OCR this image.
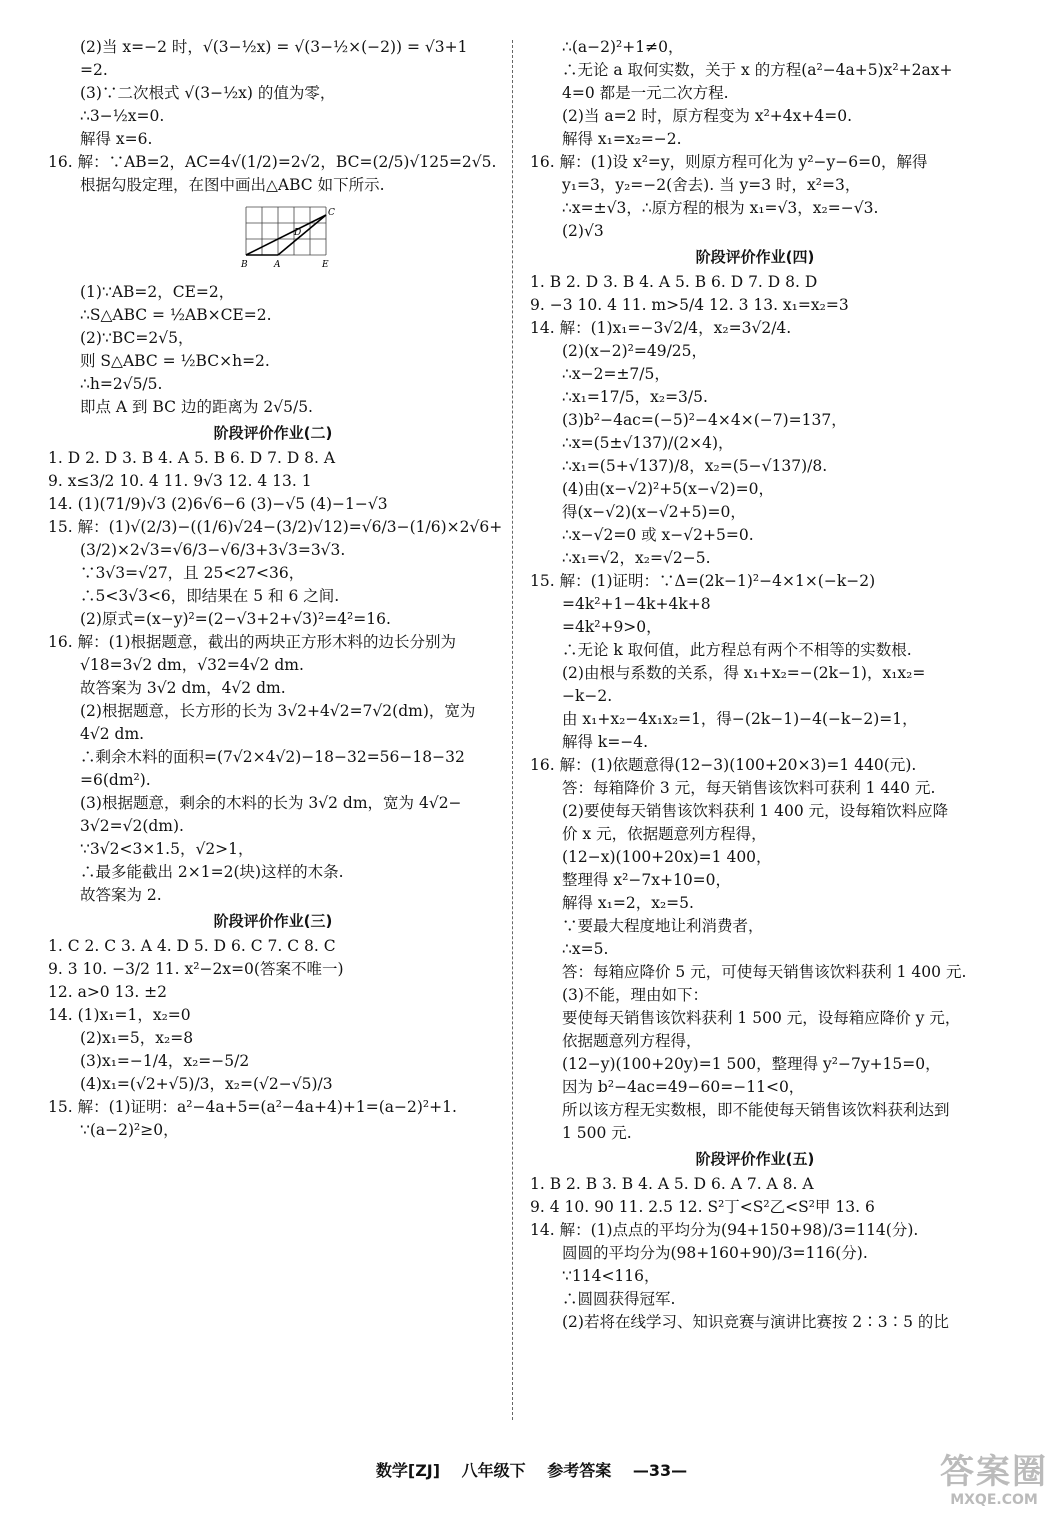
(2)当 x=−2 时，√(3−½x) = √(3−½×(−2)) = √3+1
=2.
(3)∵二次根式 √(3−½x) 的值为零，
∴3−½x=0.
解得 x=6.
16. 解：∵AB=2，AC=4√(1/2)=2√2，BC=(2/5)√125=2√5.
根据勾股定理，在图中画出△ABC 如下所示.
B	A	E
C
D
(1)∵AB=2，CE=2，
∴S△ABC = ½AB×CE=2.
(2)∵BC=2√5，
则 S△ABC = ½BC×h=2.
∴h=2√5/5.
即点 A 到 BC 边的距离为 2√5/5.
阶段评价作业(二)
1. D 2. D 3. B 4. A 5. B 6. D 7. D 8. A
9. x≤3/2 10. 4 11. 9√3 12. 4 13. 1
14. (1)(71/9)√3 (2)6√6−6 (3)−√5 (4)−1−√3
15. 解：(1)√(2/3)−((1/6)√24−(3/2)√12)=√6/3−(1/6)×2√6+
(3/2)×2√3=√6/3−√6/3+3√3=3√3.
∵3√3=√27，且 25<27<36，
∴5<3√3<6，即结果在 5 和 6 之间.
(2)原式=(x−y)²=(2−√3+2+√3)²=4²=16.
16. 解：(1)根据题意，截出的两块正方形木料的边长分别为
√18=3√2 dm，√32=4√2 dm.
故答案为 3√2 dm，4√2 dm.
(2)根据题意，长方形的长为 3√2+4√2=7√2(dm)，宽为
4√2 dm.
∴剩余木料的面积=(7√2×4√2)−18−32=56−18−32
=6(dm²).
(3)根据题意，剩余的木料的长为 3√2 dm，宽为 4√2−
3√2=√2(dm).
∵3√2<3×1.5，√2>1，
∴最多能截出 2×1=2(块)这样的木条.
故答案为 2.
阶段评价作业(三)
1. C 2. C 3. A 4. D 5. D 6. C 7. C 8. C
9. 3 10. −3/2 11. x²−2x=0(答案不唯一)
12. a>0 13. ±2
14. (1)x₁=1，x₂=0
(2)x₁=5，x₂=8
(3)x₁=−1/4，x₂=−5/2
(4)x₁=(√2+√5)/3，x₂=(√2−√5)/3
15. 解：(1)证明：a²−4a+5=(a²−4a+4)+1=(a−2)²+1.
∵(a−2)²≥0，
∴(a−2)²+1≠0，
∴无论 a 取何实数，关于 x 的方程(a²−4a+5)x²+2ax+
4=0 都是一元二次方程.
(2)当 a=2 时，原方程变为 x²+4x+4=0.
解得 x₁=x₂=−2.
16. 解：(1)设 x²=y，则原方程可化为 y²−y−6=0，解得
y₁=3，y₂=−2(舍去). 当 y=3 时，x²=3，
∴x=±√3，∴原方程的根为 x₁=√3，x₂=−√3.
(2)√3
阶段评价作业(四)
1. B 2. D 3. B 4. A 5. B 6. D 7. D 8. D
9. −3 10. 4 11. m>5/4 12. 3 13. x₁=x₂=3
14. 解：(1)x₁=−3√2/4，x₂=3√2/4.
(2)(x−2)²=49/25，
∴x−2=±7/5，
∴x₁=17/5，x₂=3/5.
(3)b²−4ac=(−5)²−4×4×(−7)=137，
∴x=(5±√137)/(2×4)，
∴x₁=(5+√137)/8，x₂=(5−√137)/8.
(4)由(x−√2)²+5(x−√2)=0，
得(x−√2)(x−√2+5)=0，
∴x−√2=0 或 x−√2+5=0.
∴x₁=√2，x₂=√2−5.
15. 解：(1)证明：∵Δ=(2k−1)²−4×1×(−k−2)
=4k²+1−4k+4k+8
=4k²+9>0，
∴无论 k 取何值，此方程总有两个不相等的实数根.
(2)由根与系数的关系，得 x₁+x₂=−(2k−1)，x₁x₂=
−k−2.
由 x₁+x₂−4x₁x₂=1，得−(2k−1)−4(−k−2)=1，
解得 k=−4.
16. 解：(1)依题意得(12−3)(100+20×3)=1 440(元).
答：每箱降价 3 元，每天销售该饮料可获利 1 440 元.
(2)要使每天销售该饮料获利 1 400 元，设每箱饮料应降
价 x 元，依据题意列方程得，
(12−x)(100+20x)=1 400，
整理得 x²−7x+10=0，
解得 x₁=2，x₂=5.
∵要最大程度地让利消费者，
∴x=5.
答：每箱应降价 5 元，可使每天销售该饮料获利 1 400 元.
(3)不能，理由如下：
要使每天销售该饮料获利 1 500 元，设每箱应降价 y 元，
依据题意列方程得，
(12−y)(100+20y)=1 500，整理得 y²−7y+15=0，
因为 b²−4ac=49−60=−11<0，
所以该方程无实数根，即不能使每天销售该饮料获利达到
1 500 元.
阶段评价作业(五)
1. B 2. B 3. B 4. A 5. D 6. A 7. A 8. A
9. 4 10. 90 11. 2.5 12. S²丁<S²乙<S²甲 13. 6
14. 解：(1)点点的平均分为(94+150+98)/3=114(分).
圆圆的平均分为(98+160+90)/3=116(分).
∵114<116，
∴圆圆获得冠军.
(2)若将在线学习、知识竞赛与演讲比赛按 2∶3∶5 的比
数学[ZJ] 八年级下 参考答案 —33—	答案圈
MXQE.COM
